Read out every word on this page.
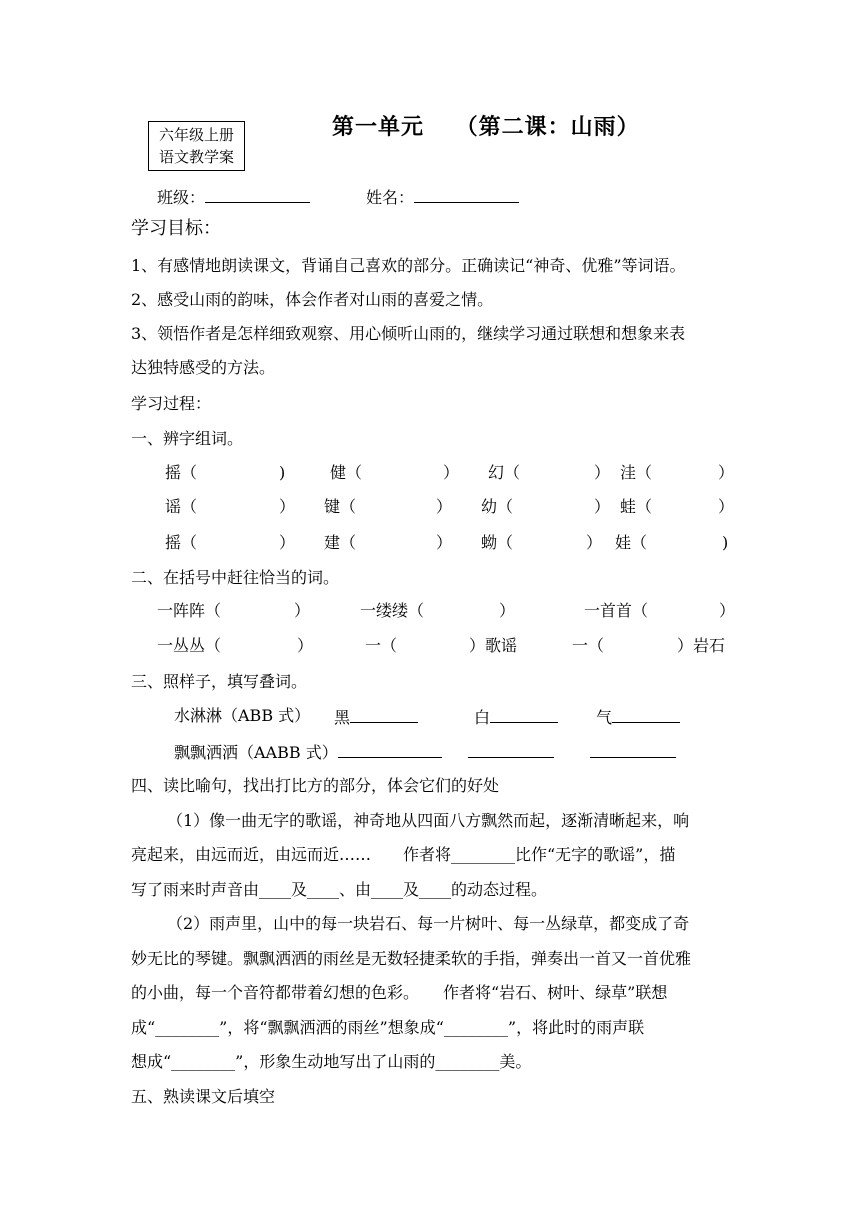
六年级上册
语文教学案
第一单元　 （第二课：山雨）
班级：	姓名：
学习目标：
1、有感情地朗读课文，背诵自己喜欢的部分。正确读记“神奇、优雅”等词语。
2、感受山雨的韵味，体会作者对山雨的喜爱之情。
3、领悟作者是怎样细致观察、用心倾听山雨的，继续学习通过联想和想象来表
达独特感受的方法。
学习过程：
一、辨字组词。
摇（	)	健（	） 幻（	） 洼（	）
谣（	） 键（	） 幼（	） 蛙（	）
摇（	） 建（	） 蚴（	） 娃（	)
二、在括号中赶往恰当的词。
一阵阵（	）	一缕缕（	）	一首首（	）
一丛丛（	）	一（	）歌谣	一（	）岩石
三、照样子，填写叠词。
水淋淋（ABB 式） 黑	白	气
飘飘洒洒（AABB 式）
四、读比喻句，找出打比方的部分，体会它们的好处
（1）像一曲无字的歌谣，神奇地从四面八方飘然而起，逐渐清晰起来，响
亮起来，由远而近，由远而近……　　作者将________比作“无字的歌谣”，描
写了雨来时声音由____及____、由____及____的动态过程。
（2）雨声里，山中的每一块岩石、每一片树叶、每一丛绿草，都变成了奇
妙无比的琴键。飘飘洒洒的雨丝是无数轻捷柔软的手指，弹奏出一首又一首优雅
的小曲，每一个音符都带着幻想的色彩。　　作者将“岩石、树叶、绿草”联想
成“________”，将“飘飘洒洒的雨丝”想象成“________”，将此时的雨声联
想成“________”，形象生动地写出了山雨的________美。
五、熟读课文后填空
